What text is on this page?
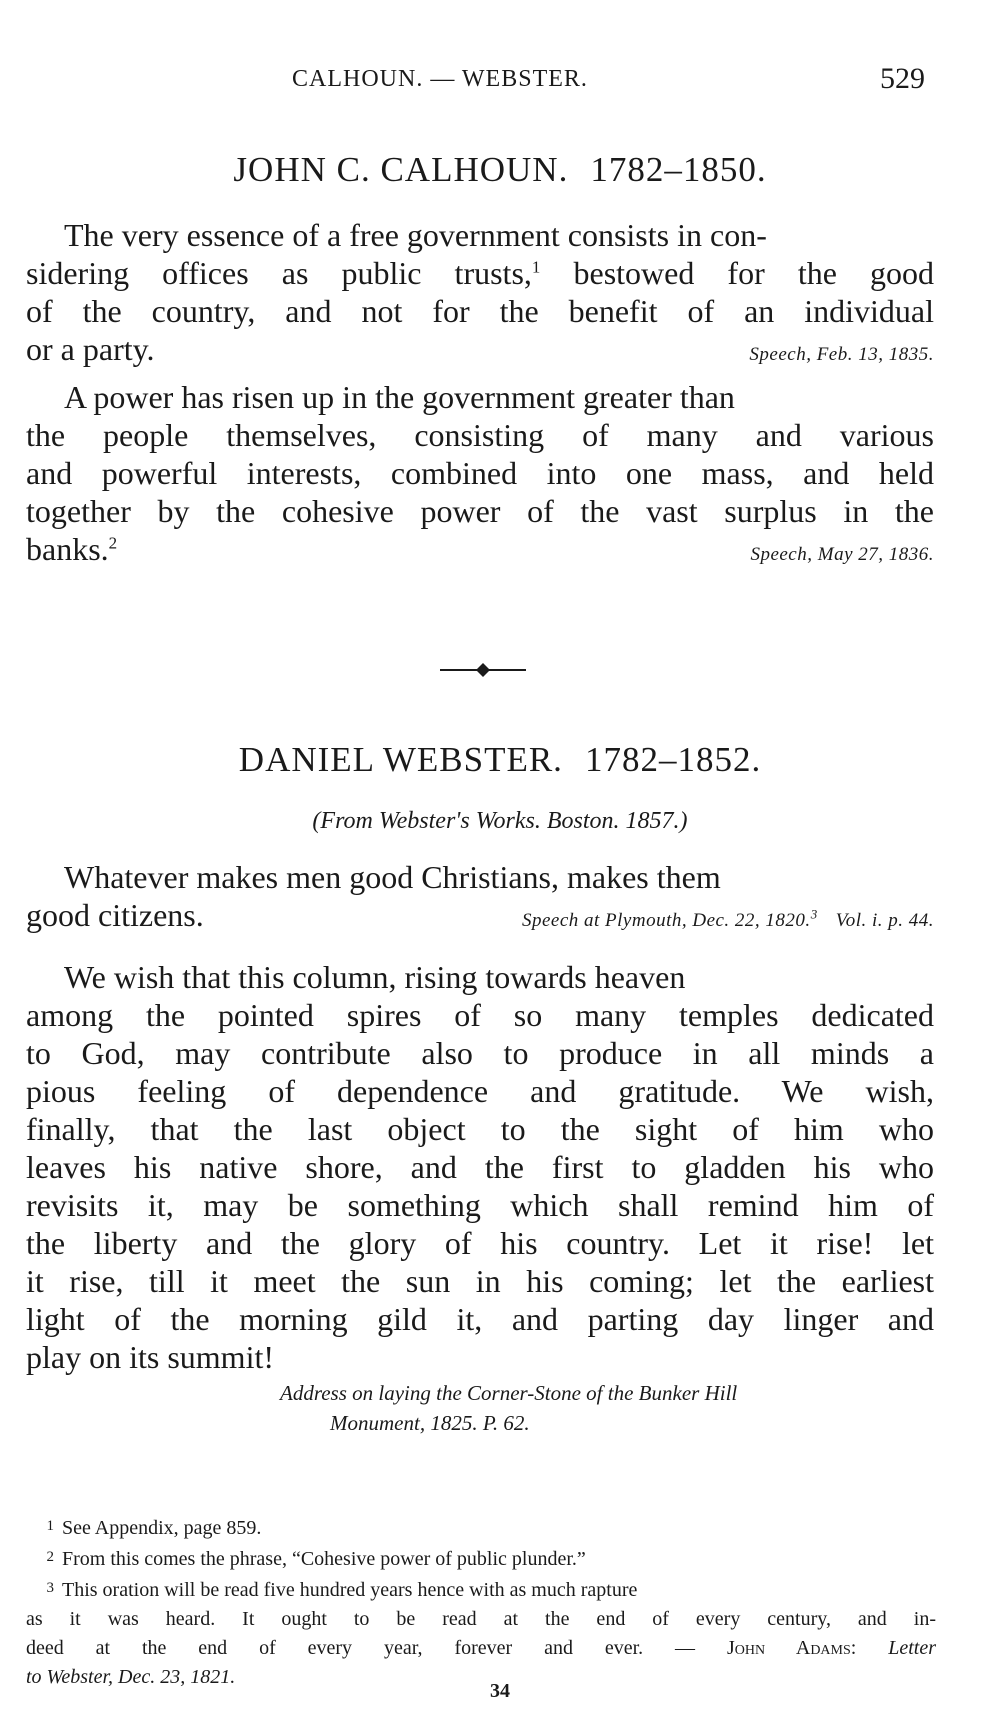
CALHOUN. — WEBSTER.	529
JOHN C. CALHOUN. 1782–1850.

The very essence of a free government consists in con-

sidering offices as public trusts,$^1$ bestowed for the good
of the country, and not for the benefit of an individual
or a party.	Speech, Feb. 13, 1835.

A power has risen up in the government greater than

the people themselves, consisting of many and various
and powerful interests, combined into one mass, and held
together by the cohesive power of the vast surplus in the
banks.$^2$
Speech, May 27, 1836.

DANIEL WEBSTER. 1782–1852.
(From Webster's Works. Boston. 1857.)

Whatever makes men good Christians, makes them

good citizens.	Speech at Plymouth, Dec. 22, 1820.$^3$ Vol. i. p. 44.

We wish that this column, rising towards heaven

among the pointed spires of so many temples dedicated
to God, may contribute also to produce in all minds a
pious feeling of dependence and gratitude. We wish,
finally, that the last object to the sight of him who
leaves his native shore, and the first to gladden his who
revisits it, may be something which shall remind him of
the liberty and the glory of his country. Let it rise! let
it rise, till it meet the sun in his coming; let the earliest
light of the morning gild it, and parting day linger and
play on its summit!

Address on laying the Corner-Stone of the Bunker Hill
Monument, 1825. P. 62.

1 See Appendix, page 859.

2 From this comes the phrase, “Cohesive power of public plunder.”

3 This oration will be read five hundred years hence with as much rapture

as it was heard. It ought to be read at the end of every century, and in-
deed at the end of every year, forever and ever. — John Adams: Letter
to Webster, Dec. 23, 1821.

34
